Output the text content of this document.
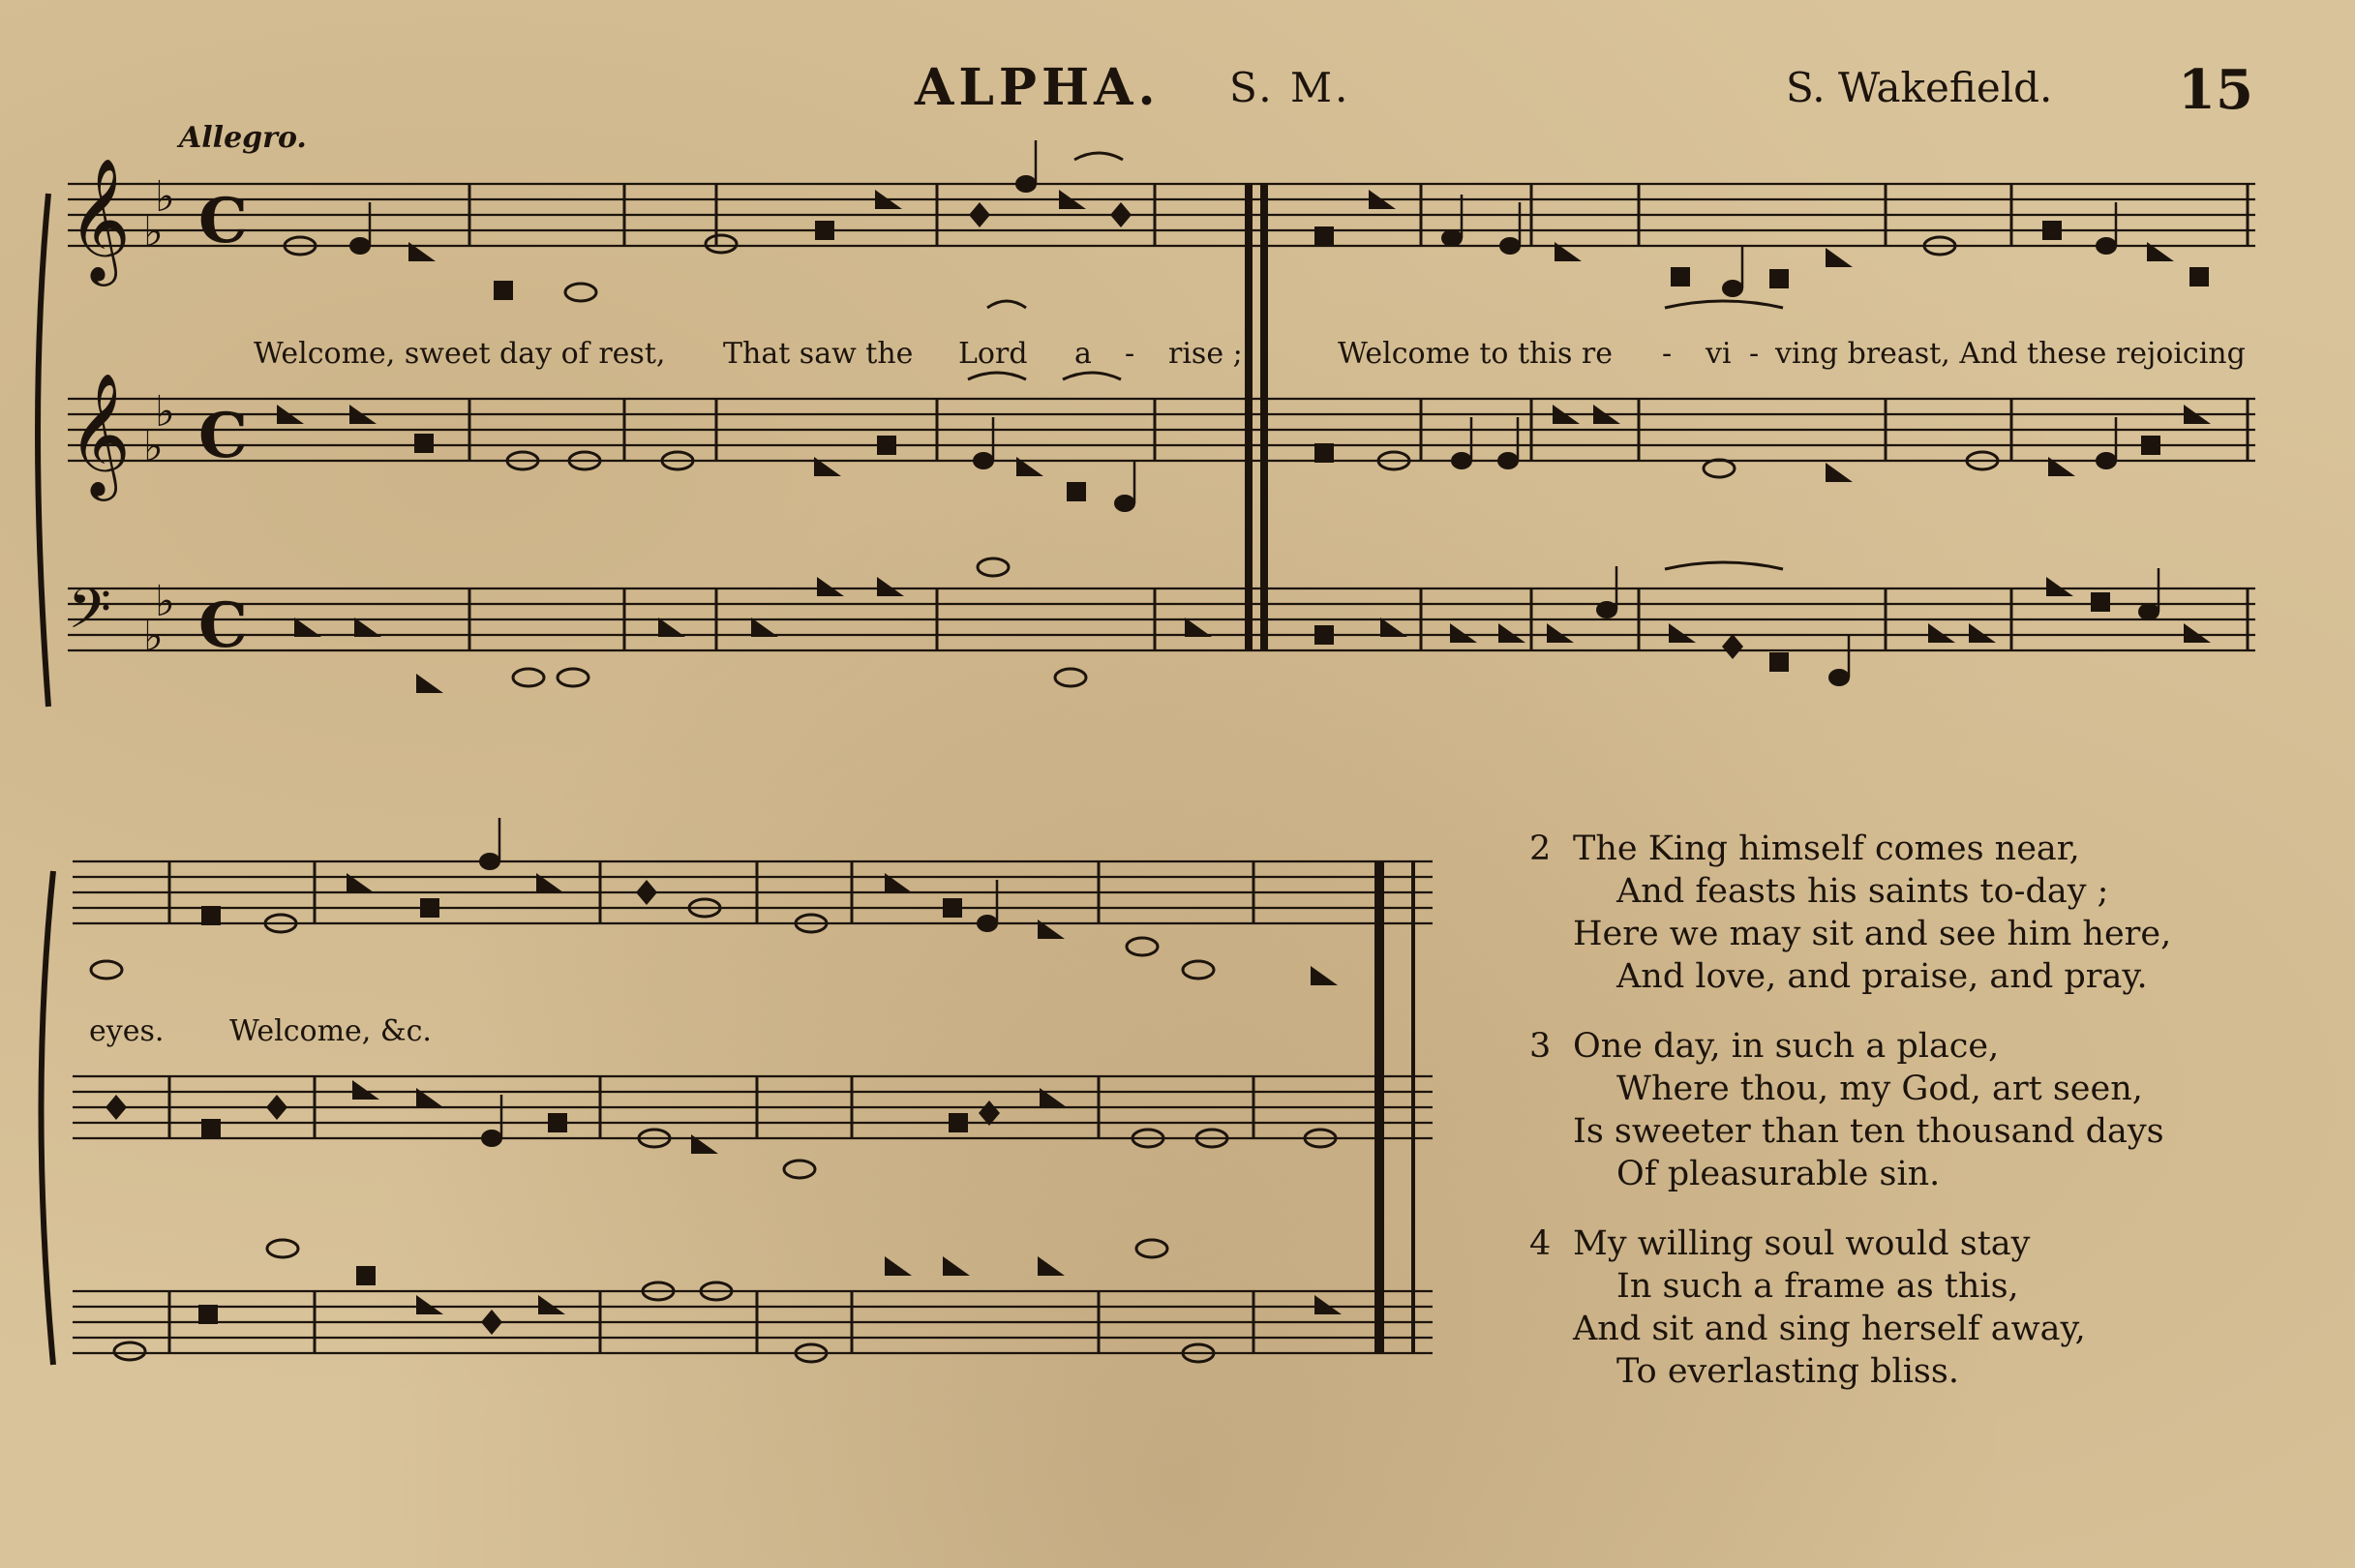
ALPHA. S. M.	S. Wakefield. 15
Allegro.
𝄞 ♭
♭ C
𝄞 ♭
♭ C
𝄢 ♭
♭ C
Welcome, sweet day of rest, That saw the Lord a - rise ;	Welcome to this re - vi - ving breast, And these rejoicing
eyes. Welcome, &c.
2 The King himself comes near,
And feasts his saints to-day ;
Here we may sit and see him here,
And love, and praise, and pray.
3 One day, in such a place,
Where thou, my God, art seen,
Is sweeter than ten thousand days
Of pleasurable sin.
4 My willing soul would stay
In such a frame as this,
And sit and sing herself away,
To everlasting bliss.
